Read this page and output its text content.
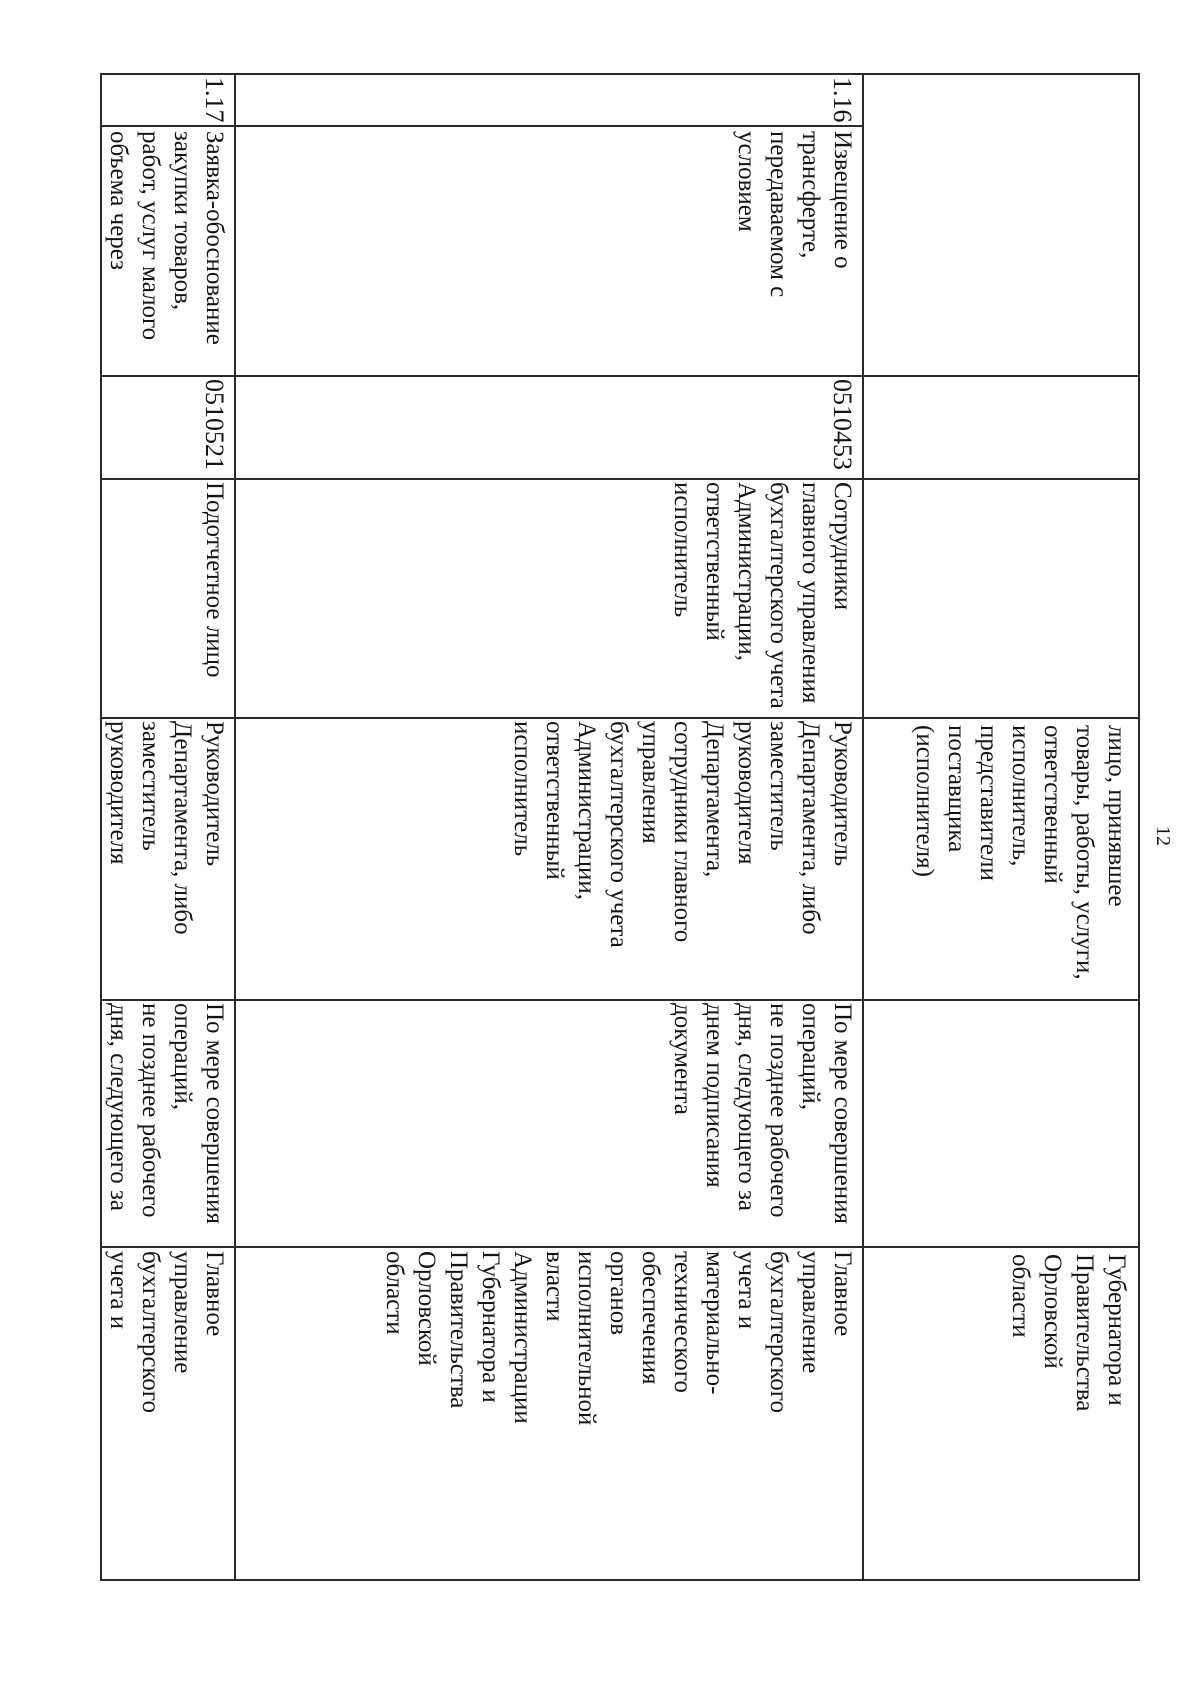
12
лицо, принявшее
товары, работы, услуги,
ответственный
исполнитель,
представители
поставщика
(исполнителя)
Губернатора и
Правительства
Орловской
области
1.16
Извещение о
трансферте,
передаваемом с
условием
0510453
Сотрудники
главного управления
бухгалтерского учета
Администрации,
ответственный
исполнитель
Руководитель
Департамента, либо
заместитель
руководителя
Департамента,
сотрудники главного
управления
бухгалтерского учета
Администрации,
ответственный
исполнитель
По мере совершения
операций,
не позднее рабочего
дня, следующего за
днем подписания
документа
Главное
управление
бухгалтерского
учета и
материально-
технического
обеспечения
органов
исполнительной
власти
Администрации
Губернатора и
Правительства
Орловской
области
1.17
Заявка-обоснование
закупки товаров,
работ, услуг малого
объема через
0510521
Подотчетное лицо
Руководитель
Департамента, либо
заместитель
руководителя
По мере совершения
операций,
не позднее рабочего
дня, следующего за
Главное
управление
бухгалтерского
учета и
